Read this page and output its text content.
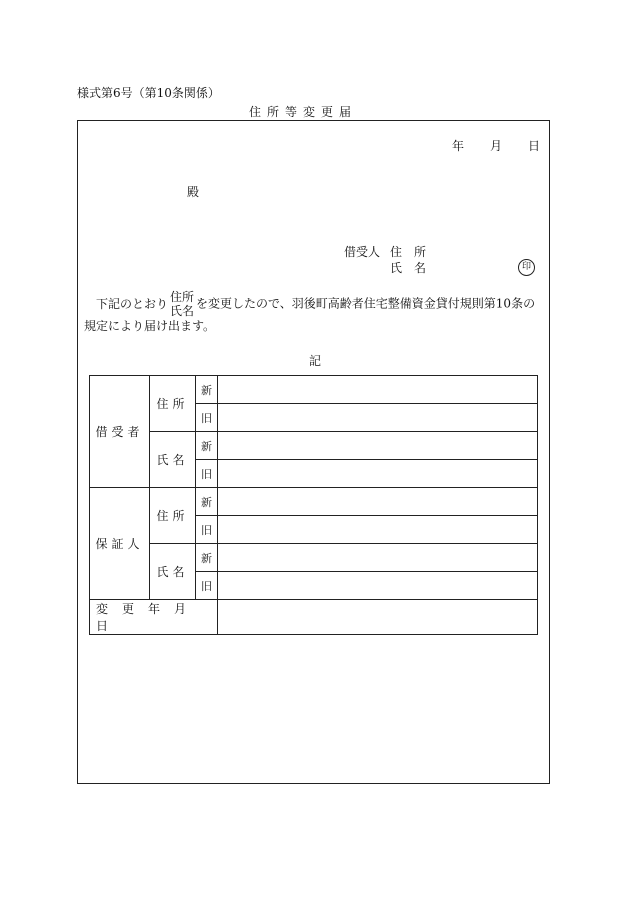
様式第6号（第10条関係）
住所等変更届
年 月 日
殿
借受人 住　所
氏　名	印
下記のとおり 住所
氏名
を変更したので、羽後町高齢者住宅整備資金貸付規則第10条の規定により届け出ます。
記
借受者	住所	新	
		旧	
	氏名	新	
		旧	
保証人	住所	新	
		旧	
	氏名	新	
		旧	
変更年月日			
